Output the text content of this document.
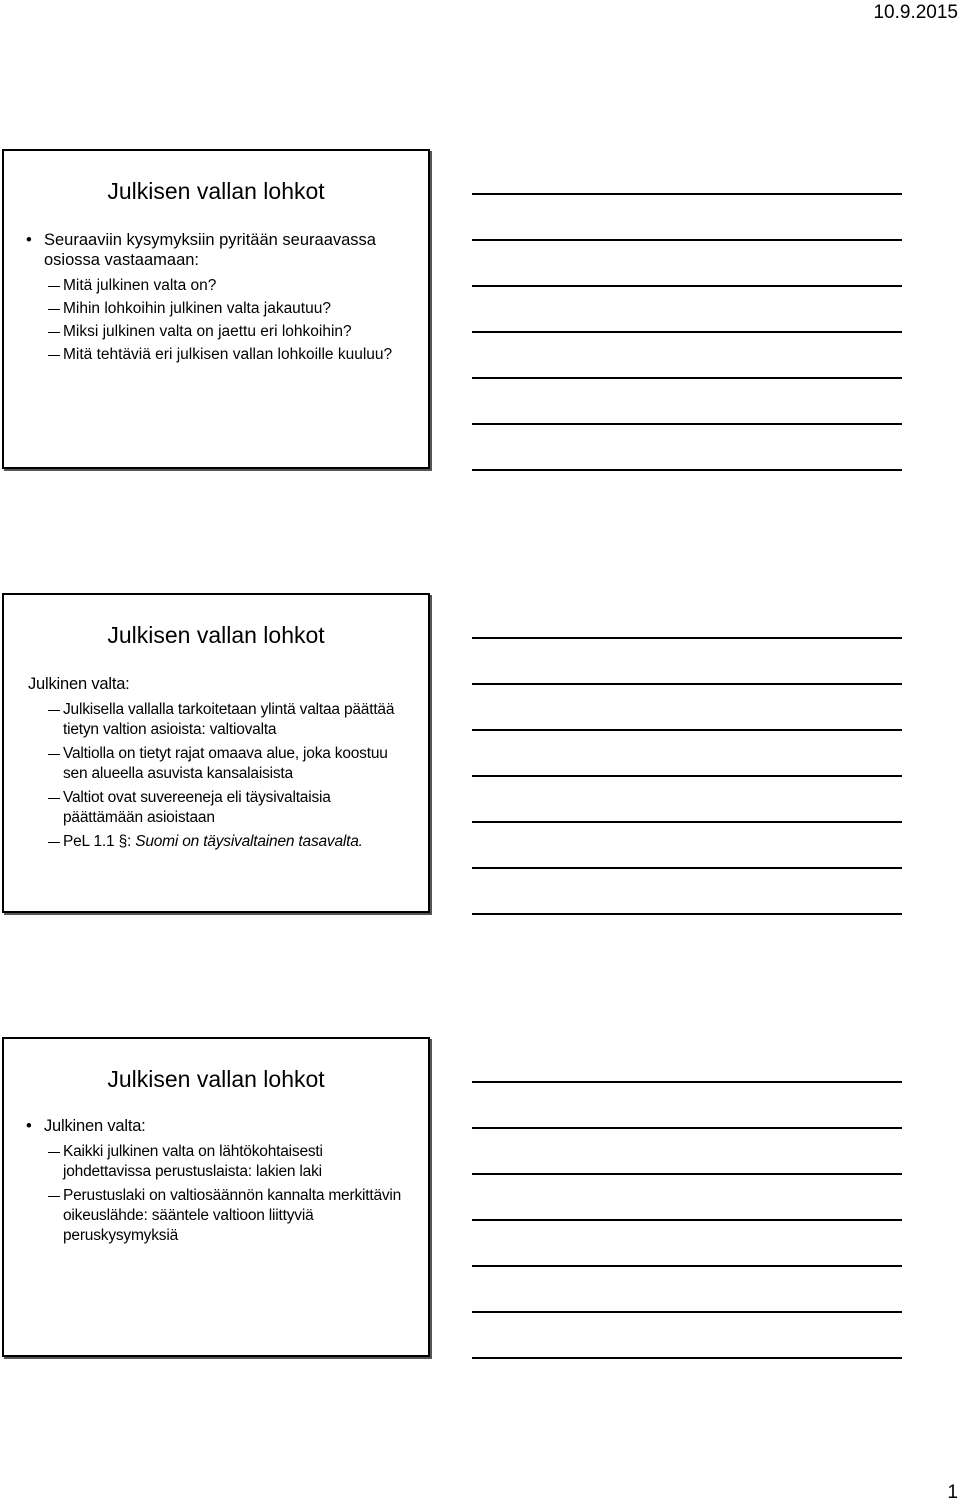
10.9.2015
Julkisen vallan lohkot
• Seuraaviin kysymyksiin pyritään seuraavassa osiossa vastaamaan:
Mitä julkinen valta on?
Mihin lohkoihin julkinen valta jakautuu?
Miksi julkinen valta on jaettu eri lohkoihin?
Mitä tehtäviä eri julkisen vallan lohkoille kuuluu?
Julkisen vallan lohkot
Julkinen valta:
Julkisella vallalla tarkoitetaan ylintä valtaa päättää tietyn valtion asioista: valtiovalta
Valtiolla on tietyt rajat omaava alue, joka koostuu sen alueella asuvista kansalaisista
Valtiot ovat suvereeneja eli täysivaltaisia päättämään asioistaan
PeL 1.1 §: Suomi on täysivaltainen tasavalta.
Julkisen vallan lohkot
• Julkinen valta:
Kaikki julkinen valta on lähtökohtaisesti johdettavissa perustuslaista: lakien laki
Perustuslaki on valtiosäännön kannalta merkittävin oikeuslähde: sääntele valtioon liittyviä peruskysymyksiä
1
